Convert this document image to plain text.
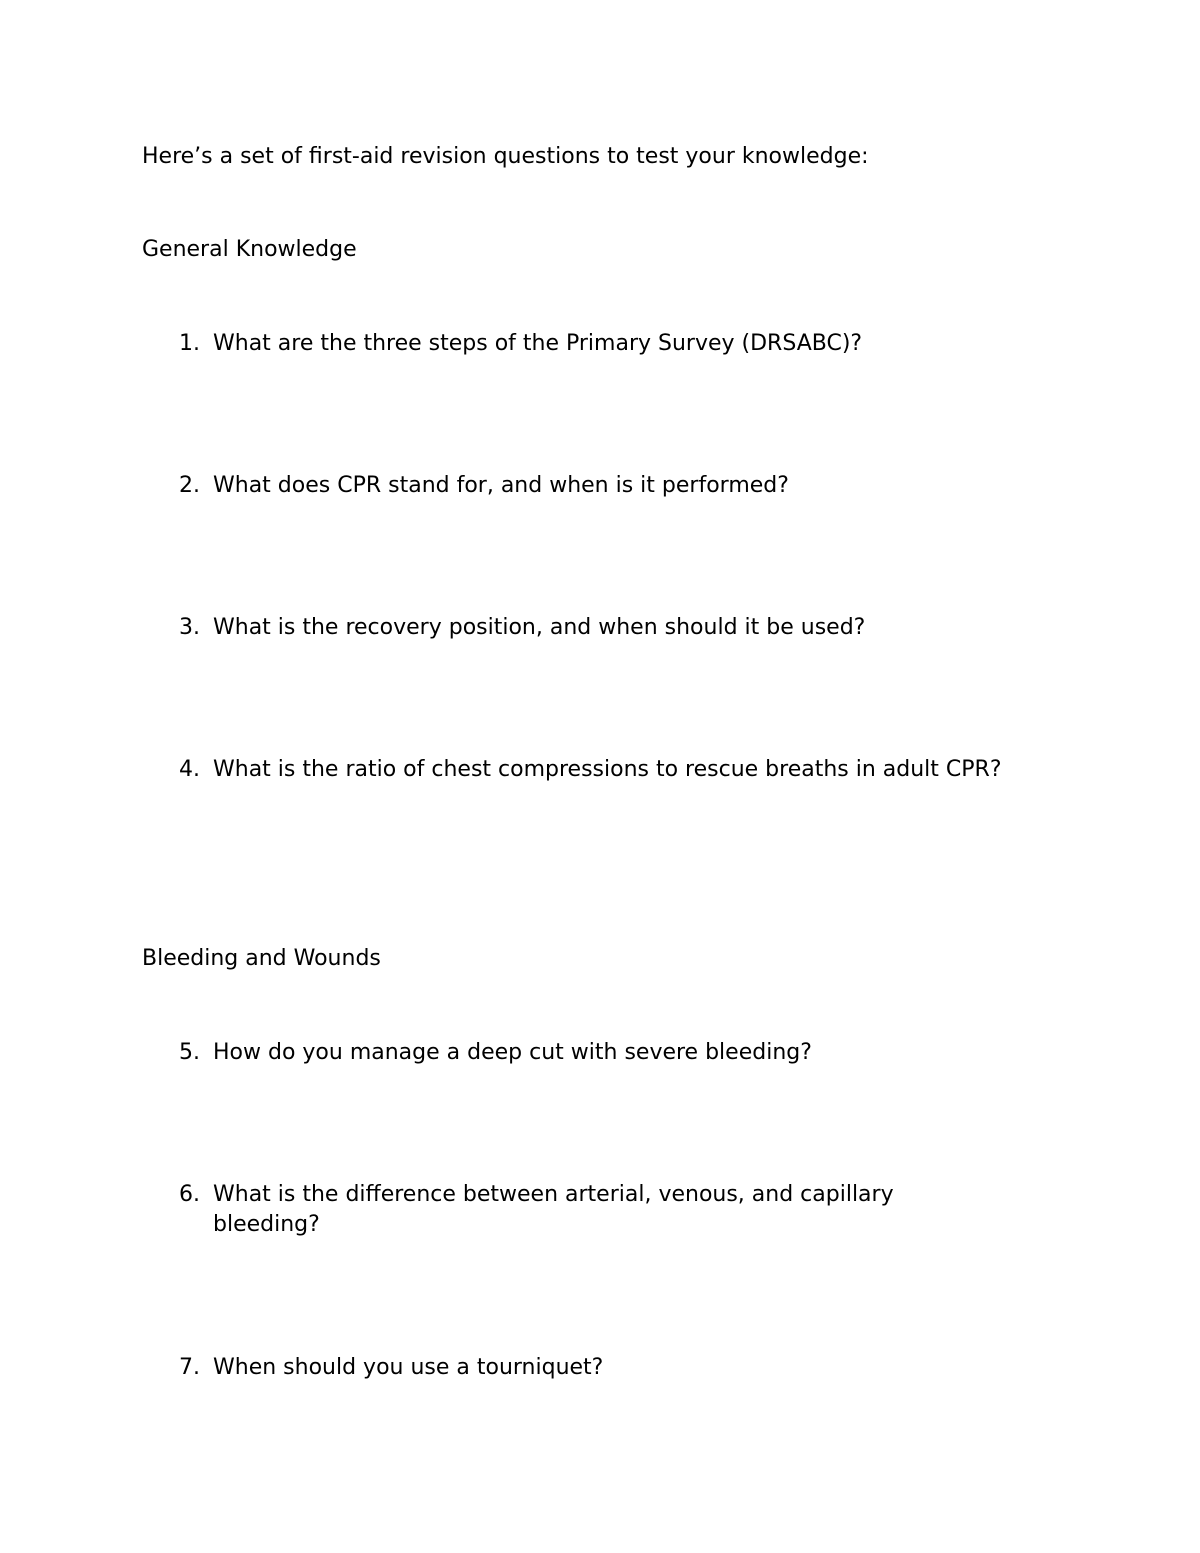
Here’s a set of first-aid revision questions to test your knowledge:
General Knowledge
1. What are the three steps of the Primary Survey (DRSABC)?
2. What does CPR stand for, and when is it performed?
3. What is the recovery position, and when should it be used?
4. What is the ratio of chest compressions to rescue breaths in adult CPR?
Bleeding and Wounds
5. How do you manage a deep cut with severe bleeding?
6. What is the difference between arterial, venous, and capillary bleeding?
7. When should you use a tourniquet?
